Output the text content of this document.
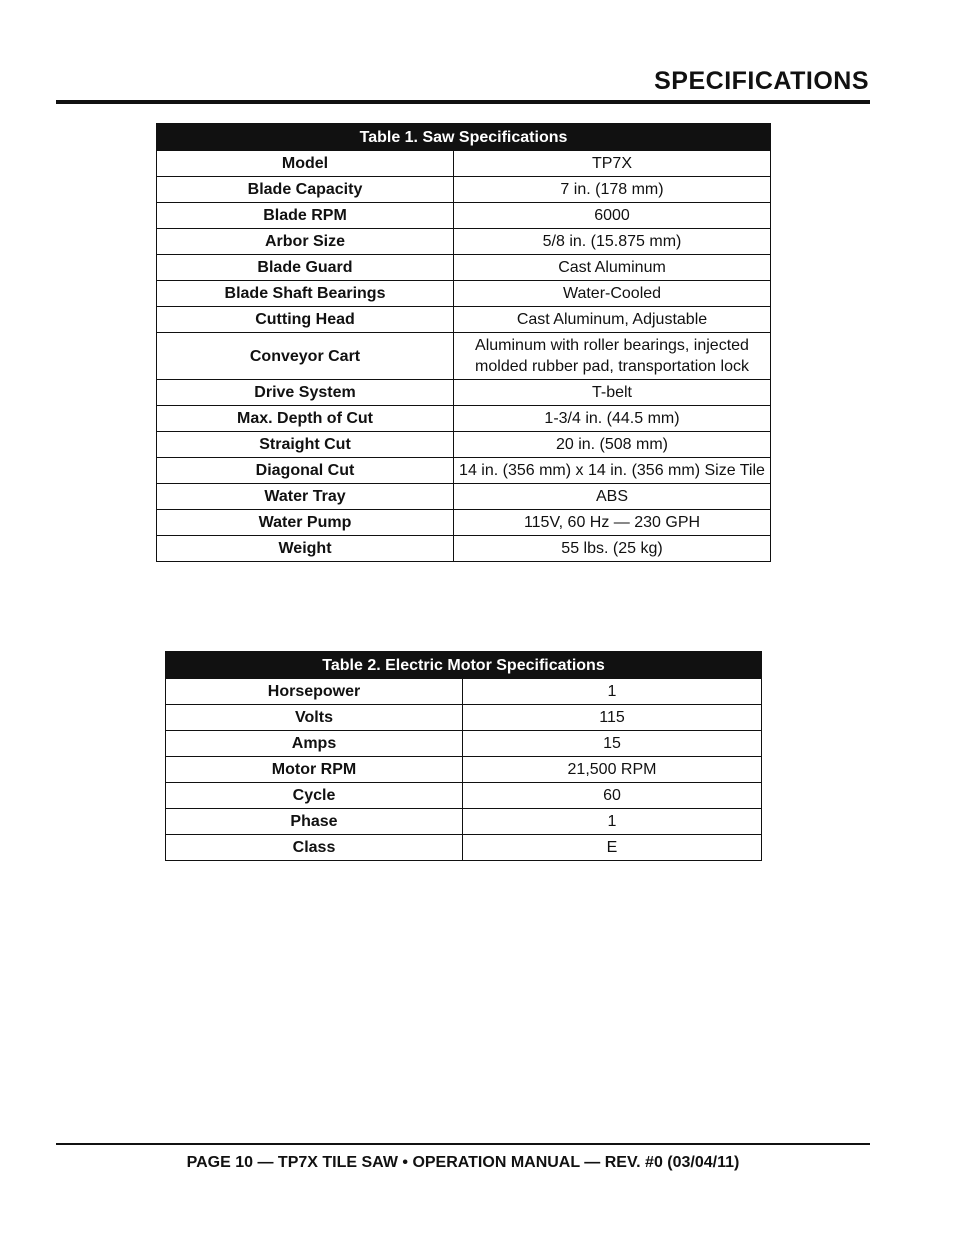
SPECIFICATIONS
Table 1. Saw Specifications	
Model	TP7X

Blade Capacity	7 in. (178 mm)

Blade RPM	6000

Arbor Size	5/8 in. (15.875 mm)

Blade Guard	Cast Aluminum

Blade Shaft Bearings	Water-Cooled

Cutting Head	Cast Aluminum, Adjustable

Conveyor Cart	Aluminum with roller bearings, injected
molded rubber pad, transportation lock

Drive System	T-belt

Max. Depth of Cut	1-3/4 in. (44.5 mm)

Straight Cut	20 in. (508 mm)

Diagonal Cut	14 in. (356 mm) x 14 in. (356 mm) Size Tile

Water Tray	ABS

Water Pump	115V, 60 Hz — 230 GPH

Weight	55 lbs. (25 kg)
Table 2. Electric Motor Specifications	
Horsepower	1

Volts	115

Amps	15

Motor RPM	21,500 RPM

Cycle	60

Phase	1

Class	E
PAGE 10 — TP7X TILE SAW • OPERATION MANUAL — REV. #0 (03/04/11)
